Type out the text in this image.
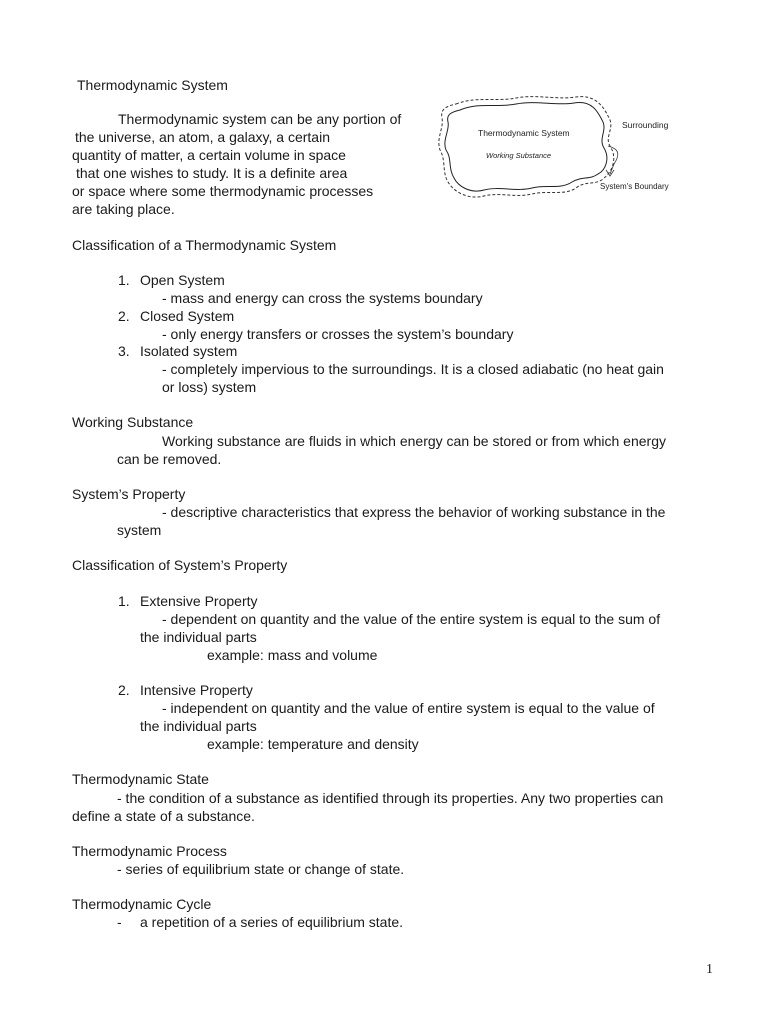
Thermodynamic System
Thermodynamic system can be any portion of
the universe, an atom, a galaxy, a certain
quantity of matter, a certain volume in space
that one wishes to study. It is a definite area
or space where some thermodynamic processes
are taking place.
Thermodynamic System
Working Substance
Surrounding
System's Boundary
Classification of a Thermodynamic System
1. Open System
- mass and energy can cross the systems boundary
2. Closed System
- only energy transfers or crosses the system’s boundary
3. Isolated system
- completely impervious to the surroundings. It is a closed adiabatic (no heat gain
or loss) system
Working Substance
Working substance are fluids in which energy can be stored or from which energy
can be removed.
System’s Property
- descriptive characteristics that express the behavior of working substance in the
system
Classification of System’s Property
1. Extensive Property
- dependent on quantity and the value of the entire system is equal to the sum of
the individual parts
example: mass and volume
2. Intensive Property
- independent on quantity and the value of entire system is equal to the value of
the individual parts
example: temperature and density
Thermodynamic State
- the condition of a substance as identified through its properties. Any two properties can
define a state of a substance.
Thermodynamic Process
- series of equilibrium state or change of state.
Thermodynamic Cycle
- a repetition of a series of equilibrium state.
1
